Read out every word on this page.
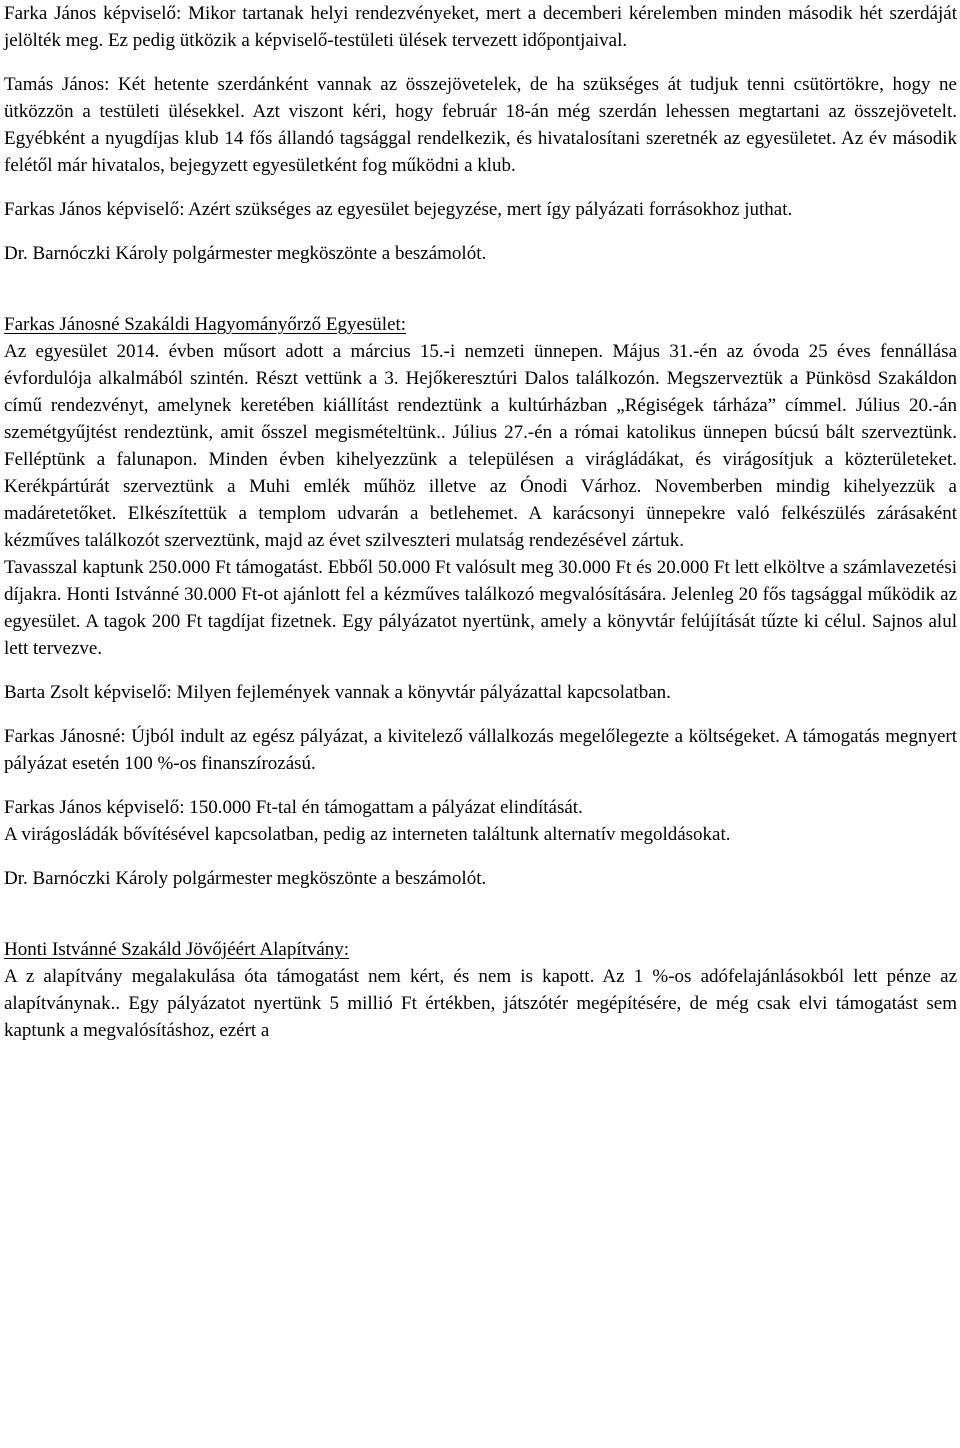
Farka János képviselő: Mikor tartanak helyi rendezvényeket, mert a decemberi kérelemben minden második hét szerdáját jelölték meg. Ez pedig ütközik a képviselő-testületi ülések tervezett időpontjaival.

Tamás János: Két hetente szerdánként vannak az összejövetelek, de ha szükséges át tudjuk tenni csütörtökre, hogy ne ütközzön a testületi ülésekkel. Azt viszont kéri, hogy február 18-án még szerdán lehessen megtartani az összejövetelt. Egyébként a nyugdíjas klub 14 fős állandó tagsággal rendelkezik, és hivatalosítani szeretnék az egyesületet. Az év második felétől már hivatalos, bejegyzett egyesületként fog működni a klub.

Farkas János képviselő: Azért szükséges az egyesület bejegyzése, mert így pályázati forrásokhoz juthat.

Dr. Barnóczki Károly polgármester megköszönte a beszámolót.

Farkas Jánosné Szakáldi Hagyományőrző Egyesület:

Az egyesület 2014. évben műsort adott a március 15.-i nemzeti ünnepen. Május 31.-én az óvoda 25 éves fennállása évfordulója alkalmából szintén. Részt vettünk a 3. Hejőkeresztúri Dalos találkozón. Megszerveztük a Pünkösd Szakáldon című rendezvényt, amelynek keretében kiállítást rendeztünk a kultúrházban „Régiségek tárháza” címmel. Július 20.-án szemétgyűjtést rendeztünk, amit ősszel megismételtünk.. Július 27.-én a római katolikus ünnepen búcsú bált szerveztünk. Felléptünk a falunapon. Minden évben kihelyezzünk a településen a virágládákat, és virágosítjuk a közterületeket. Kerékpártúrát szerveztünk a Muhi emlék műhöz illetve az Ónodi Várhoz. Novemberben mindig kihelyezzük a madáretetőket. Elkészítettük a templom udvarán a betlehemet. A karácsonyi ünnepekre való felkészülés zárásaként kézműves találkozót szerveztünk, majd az évet szilveszteri mulatság rendezésével zártuk.

Tavasszal kaptunk 250.000 Ft támogatást. Ebből 50.000 Ft valósult meg 30.000 Ft és 20.000 Ft lett elköltve a számlavezetési díjakra. Honti Istvánné 30.000 Ft-ot ajánlott fel a kézműves találkozó megvalósítására. Jelenleg 20 fős tagsággal működik az egyesület. A tagok 200 Ft tagdíjat fizetnek. Egy pályázatot nyertünk, amely a könyvtár felújítását tűzte ki célul. Sajnos alul lett tervezve.

Barta Zsolt képviselő: Milyen fejlemények vannak a könyvtár pályázattal kapcsolatban.

Farkas Jánosné: Újból indult az egész pályázat, a kivitelező vállalkozás megelőlegezte a költségeket. A támogatás megnyert pályázat esetén 100 %-os finanszírozású.

Farkas János képviselő: 150.000 Ft-tal én támogattam a pályázat elindítását.

A virágosládák bővítésével kapcsolatban, pedig az interneten találtunk alternatív megoldásokat.

Dr. Barnóczki Károly polgármester megköszönte a beszámolót.

Honti Istvánné Szakáld Jövőjéért Alapítvány:

A z alapítvány megalakulása óta támogatást nem kért, és nem is kapott. Az 1 %-os adófelajánlásokból lett pénze az alapítványnak.. Egy pályázatot nyertünk 5 millió Ft értékben, játszótér megépítésére, de még csak elvi támogatást sem kaptunk a megvalósításhoz, ezért a
